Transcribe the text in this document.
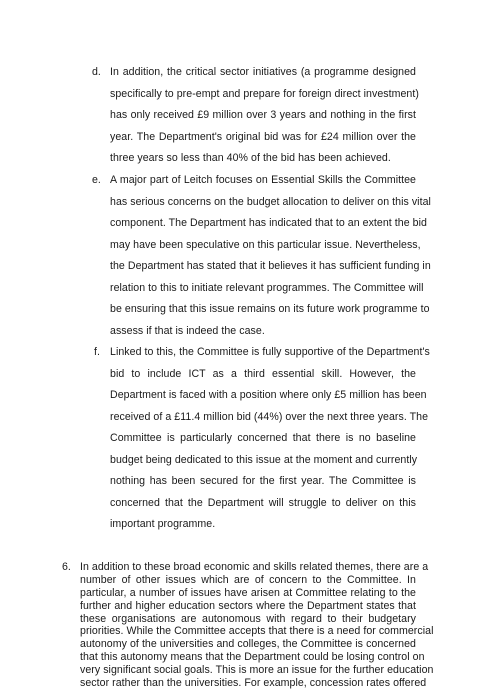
d. In addition, the critical sector initiatives (a programme designed
specifically to pre-empt and prepare for foreign direct investment)
has only received £9 million over 3 years and nothing in the first
year. The Department's original bid was for £24 million over the
three years so less than 40% of the bid has been achieved.
e. A major part of Leitch focuses on Essential Skills the Committee
has serious concerns on the budget allocation to deliver on this vital
component. The Department has indicated that to an extent the bid
may have been speculative on this particular issue. Nevertheless,
the Department has stated that it believes it has sufficient funding in
relation to this to initiate relevant programmes. The Committee will
be ensuring that this issue remains on its future work programme to
assess if that is indeed the case.
f. Linked to this, the Committee is fully supportive of the Department's
bid to include ICT as a third essential skill. However, the
Department is faced with a position where only £5 million has been
received of a £11.4 million bid (44%) over the next three years. The
Committee is particularly concerned that there is no baseline
budget being dedicated to this issue at the moment and currently
nothing has been secured for the first year. The Committee is
concerned that the Department will struggle to deliver on this
important programme.
6. In addition to these broad economic and skills related themes, there are a
number of other issues which are of concern to the Committee. In
particular, a number of issues have arisen at Committee relating to the
further and higher education sectors where the Department states that
these organisations are autonomous with regard to their budgetary
priorities. While the Committee accepts that there is a need for commercial
autonomy of the universities and colleges, the Committee is concerned
that this autonomy means that the Department could be losing control on
very significant social goals. This is more an issue for the further education
sector rather than the universities. For example, concession rates offered
